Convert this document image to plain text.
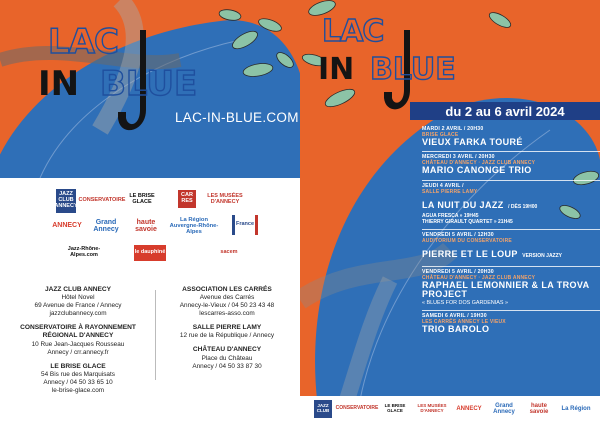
LAC
IN BLUE
LAC-IN-BLUE.COM
JAZZ CLUB ANNECY
CONSERVATOIRE
LE BRISE GLACE
CAR RES
LES MUSÉES D'ANNECY
ANNECY
Grand Annecy
haute savoie
La Région Auvergne-Rhône-Alpes
France
Jazz-Rhône-Alpes.com	le dauphiné	sacem
JAZZ CLUB ANNECY
Hôtel Novel
69 Avenue de France / Annecy
jazzclubannecy.com
CONSERVATOIRE À RAYONNEMENT RÉGIONAL D'ANNECY
10 Rue Jean-Jacques Rousseau
Annecy / crr.annecy.fr
LE BRISE GLACE
54 Bis rue des Marquisats
Annecy / 04 50 33 65 10
le-brise-glace.com
ASSOCIATION LES CARRÉS
Avenue des Carrés
Annecy-le-Vieux / 04 50 23 43 48
lescarres-asso.com
SALLE PIERRE LAMY
12 rue de la République / Annecy
CHÂTEAU D'ANNECY
Place du Château
Annecy / 04 50 33 87 30
LAC
IN BLUE
du 2 au 6 avril 2024
MARDI 2 AVRIL / 20H30
BRISE GLACE
VIEUX FARKA TOURÉ
MERCREDI 3 AVRIL / 20H30
CHÂTEAU D'ANNECY · JAZZ CLUB ANNECY
MARIO CANONGE TRIO
JEUDI 4 AVRIL /
SALLE PIERRE LAMY
LA NUIT DU JAZZ / DÈS 19H00
AGUA FRESCA » 19H45
THIERRY GIRAULT QUARTET » 21H45
VENDREDI 5 AVRIL / 12H30
AUDITORIUM DU CONSERVATOIRE
PIERRE ET LE LOUP VERSION JAZZY
VENDREDI 5 AVRIL / 20H30
CHÂTEAU D'ANNECY · JAZZ CLUB ANNECY
RAPHAEL LEMONNIER & LA TROVA PROJECT
« BLUES FOR DOS GARDENIAS »
SAMEDI 6 AVRIL / 19H30
LES CARRÉS ANNECY LE VIEUX
TRIO BAROLO
JAZZ CLUB	CONSERVATOIRE	LE BRISE GLACE
LES MUSÉES D'ANNECY	ANNECY
Grand Annecy
haute savoie
La Région
